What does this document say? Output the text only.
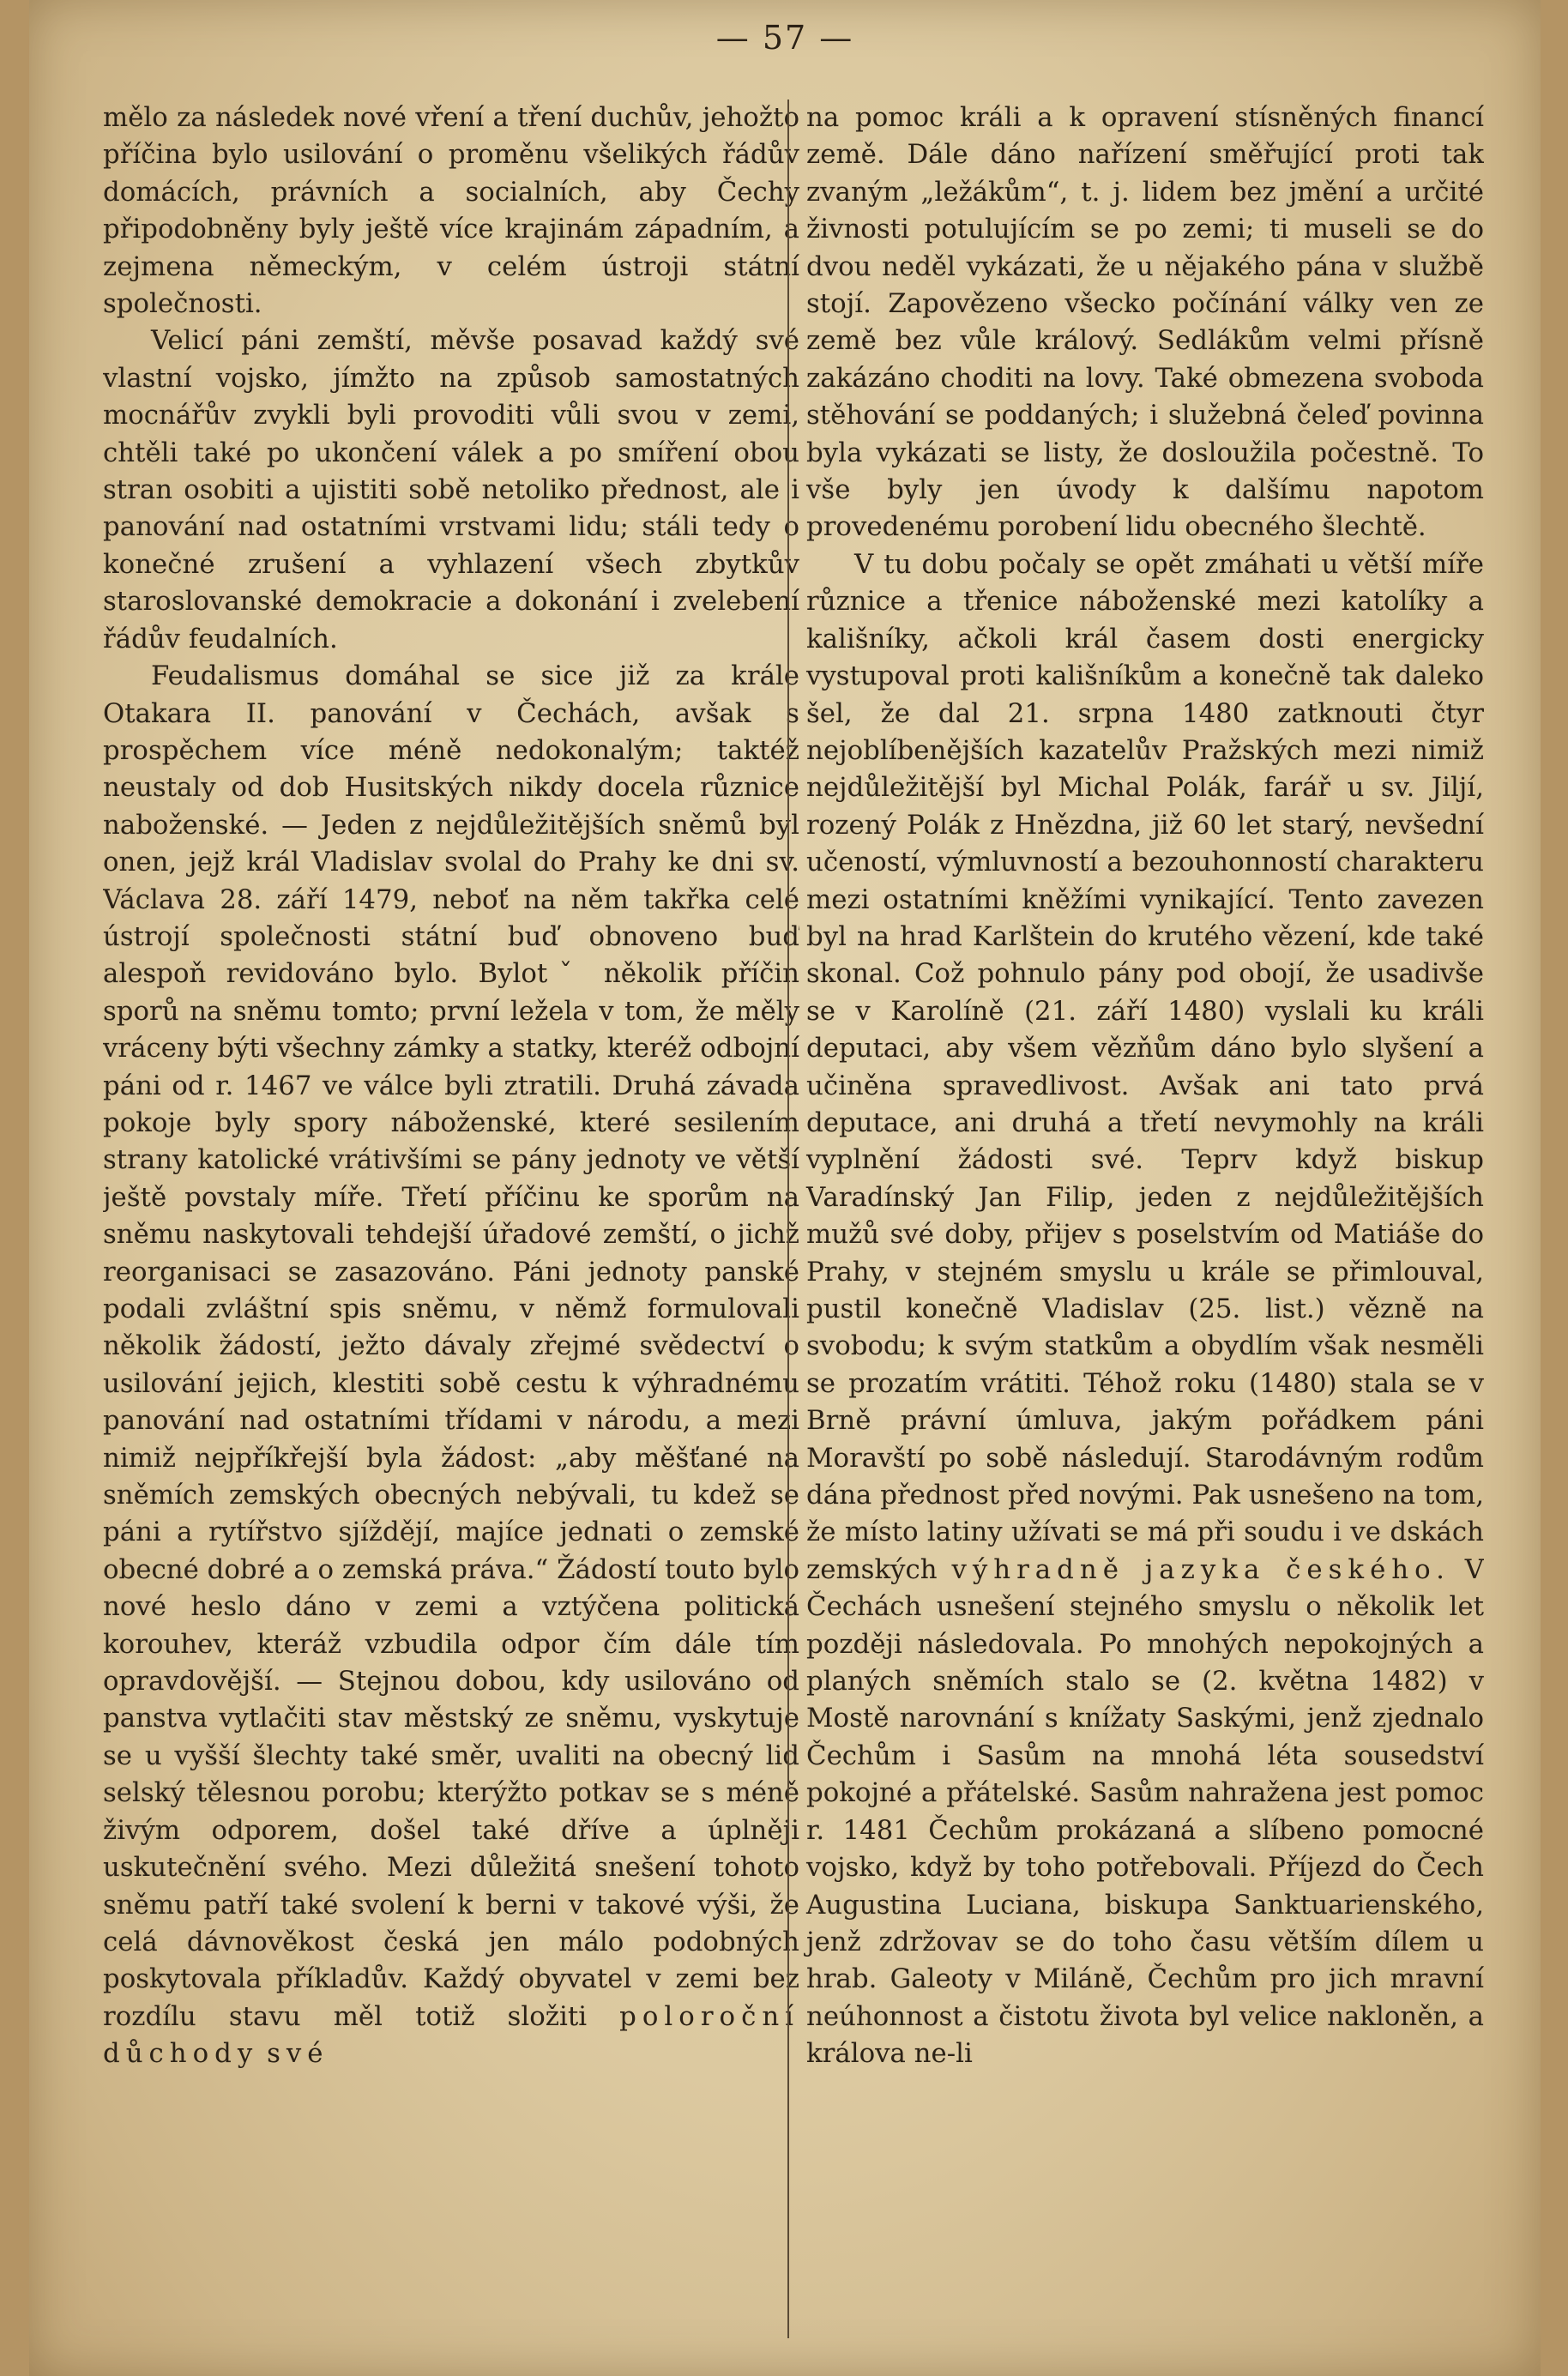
— 57 —

mělo za následek nové vření a tření duchův, jehožto příčina bylo usilování o proměnu všelikých řádův domácích, právních a socialních, aby Čechy připodobněny byly ještě více krajinám západním, a zejmena německým, v celém ústroji státní společnosti.

Velicí páni zemští, měvše posavad každý své vlastní vojsko, jímžto na způsob samostatných mocnářův zvykli byli provoditi vůli svou v zemi, chtěli také po ukončení válek a po smíření obou stran osobiti a ujistiti sobě netoliko přednost, ale i panování nad ostatními vrstvami lidu; stáli tedy o konečné zrušení a vyhlazení všech zbytkův staroslovanské demokracie a dokonání i zvelebení řádův feudalních.

Feudalismus domáhal se sice již za krále Otakara II. panování v Čechách, avšak s prospěchem více méně nedokonalým; taktéž neustaly od dob Husitských nikdy docela různice naboženské. — Jeden z nejdůležitějších sněmů byl onen, jejž král Vladislav svolal do Prahy ke dni sv. Václava 28. září 1479, neboť na něm takřka celé ústrojí společnosti státní buď obnoveno buď alespoň revidováno bylo. Bylotˇ několik příčin sporů na sněmu tomto; první ležela v tom, že měly vráceny býti všechny zámky a statky, kteréž odbojní páni od r. 1467 ve válce byli ztratili. Druhá závada pokoje byly spory náboženské, které sesilením strany katolické vrátivšími se pány jednoty ve větší ještě povstaly míře. Třetí příčinu ke sporům na sněmu naskytovali tehdejší úřadové zemští, o jichž reorganisaci se zasazováno. Páni jednoty panské podali zvláštní spis sněmu, v němž formulovali několik žádostí, ježto dávaly zřejmé svědectví o usilování jejich, klestiti sobě cestu k výhradnému panování nad ostatními třídami v národu, a mezi nimiž nejpříkřejší byla žádost: „aby měšťané na sněmích zemských obecných nebývali, tu kdež se páni a rytířstvo sjíždějí, majíce jednati o zemské obecné dobré a o zemská práva.“ Žádostí touto bylo nové heslo dáno v zemi a vztýčena politická korouhev, kteráž vzbudila odpor čím dále tím opravdovější. — Stejnou dobou, kdy usilováno od panstva vytlačiti stav městský ze sněmu, vyskytuje se u vyšší šlechty také směr, uvaliti na obecný lid selský tělesnou porobu; kterýžto potkav se s méně živým odporem, došel také dříve a úplněji uskutečnění svého. Mezi důležitá snešení tohoto sněmu patří také svolení k berni v takové výši, že celá dávnověkost česká jen málo podobných poskytovala příkladův. Každý obyvatel v zemi bez rozdílu stavu měl totiž složiti poloroční důchody své

na pomoc králi a k opravení stísněných financí země. Dále dáno nařízení směřující proti tak zvaným „ležákům“, t. j. lidem bez jmění a určité živnosti potulujícím se po zemi; ti museli se do dvou neděl vykázati, že u nějakého pána v službě stojí. Zapovězeno všecko počínání války ven ze země bez vůle králový. Sedlákům velmi přísně zakázáno choditi na lovy. Také obmezena svoboda stěhování se poddaných; i služebná čeleď povinna byla vykázati se listy, že dosloužila počestně. To vše byly jen úvody k dalšímu napotom provedenému porobení lidu obecného šlechtě.

V tu dobu počaly se opět zmáhati u větší míře různice a třenice náboženské mezi katolíky a kališníky, ačkoli král časem dosti energicky vystupoval proti kališníkům a konečně tak daleko šel, že dal 21. srpna 1480 zatknouti čtyr nejoblíbenějších kazatelův Pražských mezi nimiž nejdůležitější byl Michal Polák, farář u sv. Jiljí, rozený Polák z Hnězdna, již 60 let starý, nevšední učeností, výmluvností a bezouhonností charakteru mezi ostatními kněžími vynikající. Tento zavezen byl na hrad Karlštein do krutého vězení, kde také skonal. Což pohnulo pány pod obojí, že usadivše se v Karolíně (21. září 1480) vyslali ku králi deputaci, aby všem vězňům dáno bylo slyšení a učiněna spravedlivost. Avšak ani tato prvá deputace, ani druhá a třetí nevymohly na králi vyplnění žádosti své. Teprv když biskup Varadínský Jan Filip, jeden z nejdůležitějších mužů své doby, přijev s poselstvím od Matiáše do Prahy, v stejném smyslu u krále se přimlouval, pustil konečně Vladislav (25. list.) vězně na svobodu; k svým statkům a obydlím však nesměli se prozatím vrátiti. Téhož roku (1480) stala se v Brně právní úmluva, jakým pořádkem páni Moravští po sobě následují. Starodávným rodům dána přednost před novými. Pak usnešeno na tom, že místo latiny užívati se má při soudu i ve dskách zemských výhradně jazyka českého. V Čechách usnešení stejného smyslu o několik let později následovala. Po mnohých nepokojných a planých sněmích stalo se (2. května 1482) v Mostě narovnání s knížaty Saskými, jenž zjednalo Čechům i Sasům na mnohá léta sousedství pokojné a přátelské. Sasům nahražena jest pomoc r. 1481 Čechům prokázaná a slíbeno pomocné vojsko, když by toho potřebovali. Příjezd do Čech Augustina Luciana, biskupa Sanktuarienského, jenž zdržovav se do toho času větším dílem u hrab. Galeoty v Miláně, Čechům pro jich mravní neúhonnost a čistotu života byl velice nakloněn, a králova ne-li
